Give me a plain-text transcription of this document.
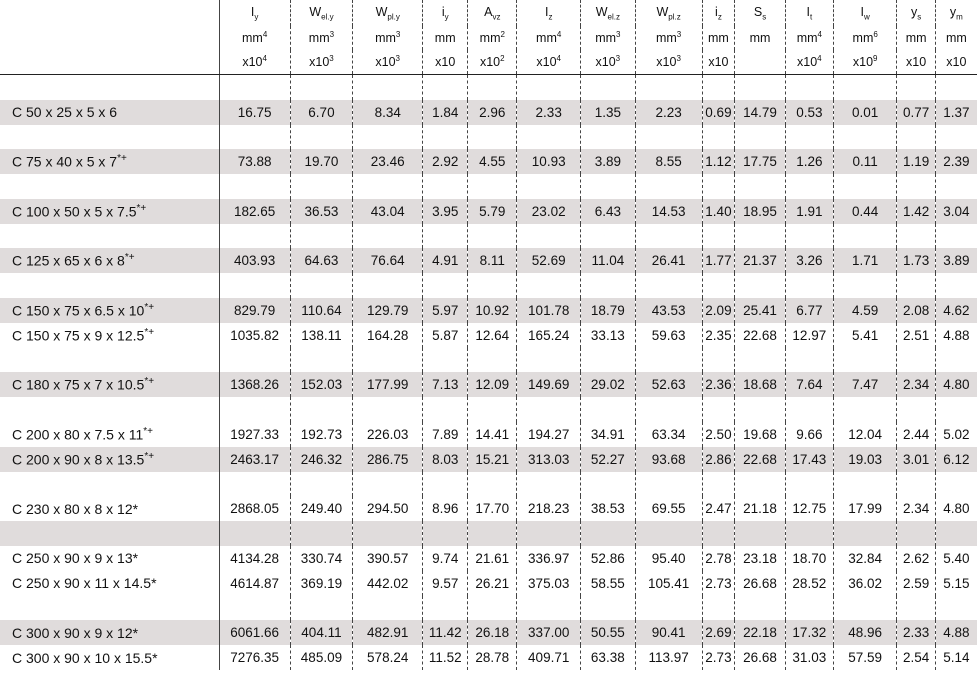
	$I_y$	$W_{el.y}$	$W_{pl.y}$	$i_y$	$A_{vz}$	$I_z$	$W_{el.z}$	$W_{pl.z}$	$i_z$	$S_s$	$I_t$	$I_w$	$y_s$	$y_m$
	$mm^4$	$mm^3$	$mm^3$	mm	$mm^2$	$mm^4$	$mm^3$	$mm^3$	mm	mm	$mm^4$	$mm^6$	mm	mm
	$x10^4$	$x10^3$	$x10^3$	x10	$x10^2$	$x10^4$	$x10^3$	$x10^3$	x10		$x10^4$	$x10^9$	x10	x10

C 50 x 25 x 5 x 6	16.75	6.70	8.34	1.84	2.96	2.33	1.35	2.23	0.69	14.79	0.53	0.01	0.77	1.37

C 75 x 40 x 5 x 7*+	73.88	19.70	23.46	2.92	4.55	10.93	3.89	8.55	1.12	17.75	1.26	0.11	1.19	2.39

C 100 x 50 x 5 x 7.5*+	182.65	36.53	43.04	3.95	5.79	23.02	6.43	14.53	1.40	18.95	1.91	0.44	1.42	3.04

C 125 x 65 x 6 x 8*+	403.93	64.63	76.64	4.91	8.11	52.69	11.04	26.41	1.77	21.37	3.26	1.71	1.73	3.89

C 150 x 75 x 6.5 x 10*+	829.79	110.64	129.79	5.97	10.92	101.78	18.79	43.53	2.09	25.41	6.77	4.59	2.08	4.62
C 150 x 75 x 9 x 12.5*+	1035.82	138.11	164.28	5.87	12.64	165.24	33.13	59.63	2.35	22.68	12.97	5.41	2.51	4.88

C 180 x 75 x 7 x 10.5*+	1368.26	152.03	177.99	7.13	12.09	149.69	29.02	52.63	2.36	18.68	7.64	7.47	2.34	4.80

C 200 x 80 x 7.5 x 11*+	1927.33	192.73	226.03	7.89	14.41	194.27	34.91	63.34	2.50	19.68	9.66	12.04	2.44	5.02
C 200 x 90 x 8 x 13.5*+	2463.17	246.32	286.75	8.03	15.21	313.03	52.27	93.68	2.86	22.68	17.43	19.03	3.01	6.12

C 230 x 80 x 8 x 12*	2868.05	249.40	294.50	8.96	17.70	218.23	38.53	69.55	2.47	21.18	12.75	17.99	2.34	4.80

C 250 x 90 x 9 x 13*	4134.28	330.74	390.57	9.74	21.61	336.97	52.86	95.40	2.78	23.18	18.70	32.84	2.62	5.40
C 250 x 90 x 11 x 14.5*	4614.87	369.19	442.02	9.57	26.21	375.03	58.55	105.41	2.73	26.68	28.52	36.02	2.59	5.15

C 300 x 90 x 9 x 12*	6061.66	404.11	482.91	11.42	26.18	337.00	50.55	90.41	2.69	22.18	17.32	48.96	2.33	4.88
C 300 x 90 x 10 x 15.5*	7276.35	485.09	578.24	11.52	28.78	409.71	63.38	113.97	2.73	26.68	31.03	57.59	2.54	5.14
